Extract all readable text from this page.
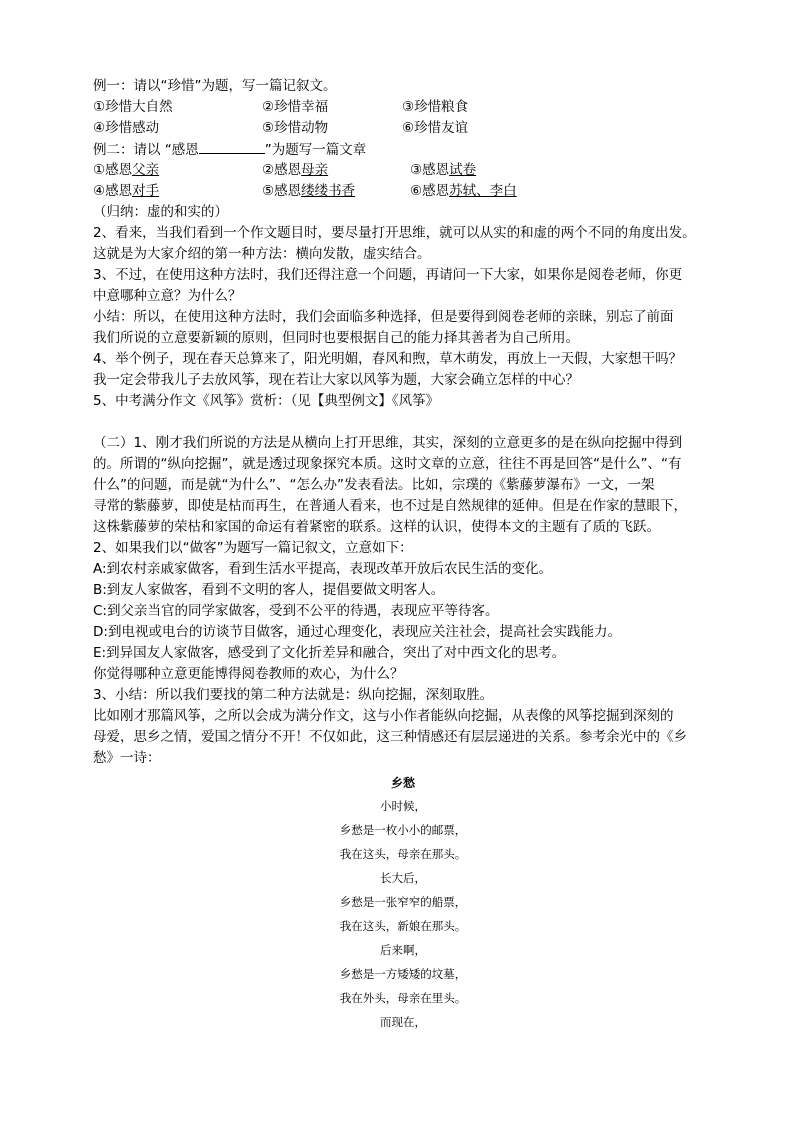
例一：请以“珍惜”为题，写一篇记叙文。
①珍惜大自然	②珍惜幸福	③珍惜粮食
④珍惜感动	⑤珍惜动物	⑥珍惜友谊
例二：请以 “感恩	”为题写一篇文章
①感恩父亲	②感恩母亲	③感恩试卷
④感恩对手	⑤感恩缕缕书香	⑥感恩苏轼、李白
（归纳：虚的和实的）
2、看来，当我们看到一个作文题目时，要尽量打开思维，就可以从实的和虚的两个不同的角度出发。
这就是为大家介绍的第一种方法：横向发散，虚实结合。
3、不过，在使用这种方法时，我们还得注意一个问题，再请问一下大家，如果你是阅卷老师，你更
中意哪种立意？为什么？
小结：所以，在使用这种方法时，我们会面临多种选择，但是要得到阅卷老师的亲睐，别忘了前面
我们所说的立意要新颖的原则，但同时也要根据自己的能力择其善者为自己所用。
4、举个例子，现在春天总算来了，阳光明媚，春风和煦，草木萌发，再放上一天假，大家想干吗？
我一定会带我儿子去放风筝，现在若让大家以风筝为题，大家会确立怎样的中心？
5、中考满分作文《风筝》赏析：（见【典型例文】《风筝》
（二）1、刚才我们所说的方法是从横向上打开思维，其实，深刻的立意更多的是在纵向挖掘中得到
的。所谓的“纵向挖掘”，就是透过现象探究本质。这时文章的立意，往往不再是回答“是什么”、“有
什么”的问题，而是就“为什么”、“怎么办”发表看法。比如，宗璞的《紫藤萝瀑布》一文，一架
寻常的紫藤萝，即使是枯而再生，在普通人看来，也不过是自然规律的延伸。但是在作家的慧眼下，
这株紫藤萝的荣枯和家国的命运有着紧密的联系。这样的认识，使得本文的主题有了质的飞跃。
2、如果我们以“做客”为题写一篇记叙文，立意如下：
A:到农村亲戚家做客，看到生活水平提高，表现改革开放后农民生活的变化。
B:到友人家做客，看到不文明的客人，提倡要做文明客人。
C:到父亲当官的同学家做客，受到不公平的待遇，表现应平等待客。
D:到电视或电台的访谈节目做客，通过心理变化，表现应关注社会，提高社会实践能力。
E:到异国友人家做客，感受到了文化折差异和融合，突出了对中西文化的思考。
你觉得哪种立意更能博得阅卷教师的欢心，为什么？
3、小结：所以我们要找的第二种方法就是：纵向挖掘，深刻取胜。
比如刚才那篇风筝，之所以会成为满分作文，这与小作者能纵向挖掘，从表像的风筝挖掘到深刻的
母爱，思乡之情，爱国之情分不开！不仅如此，这三种情感还有层层递进的关系。参考余光中的《乡
愁》一诗：
乡愁
小时候，
乡愁是一枚小小的邮票，
我在这头，母亲在那头。
长大后，
乡愁是一张窄窄的船票，
我在这头，新娘在那头。
后来啊，
乡愁是一方矮矮的坟墓，
我在外头，母亲在里头。
而现在，
